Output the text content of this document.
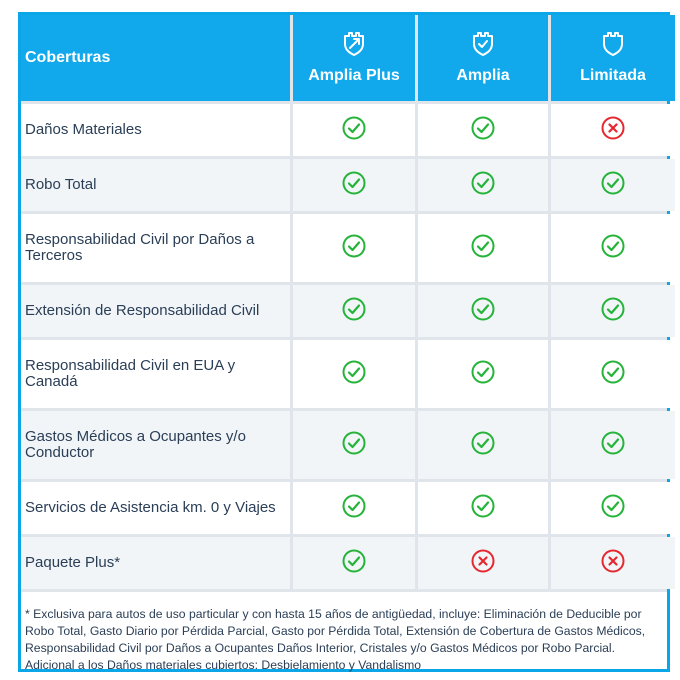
Coberturas
Amplia Plus	Amplia	Limitada
Daños Materiales
Robo Total
Responsabilidad Civil por Daños a Terceros
Extensión de Responsabilidad Civil
Responsabilidad Civil en EUA y Canadá
Gastos Médicos a Ocupantes y/o Conductor
Servicios de Asistencia km. 0 y Viajes
Paquete Plus*
* Exclusiva para autos de uso particular y con hasta 15 años de antigüedad, incluye: Eliminación de Deducible por Robo Total, Gasto Diario por Pérdida Parcial, Gasto por Pérdida Total, Extensión de Cobertura de Gastos Médicos, Responsabilidad Civil por Daños a Ocupantes Daños Interior, Cristales y/o Gastos Médicos por Robo Parcial. Adicional a los Daños materiales cubiertos: Desbielamiento y Vandalismo
